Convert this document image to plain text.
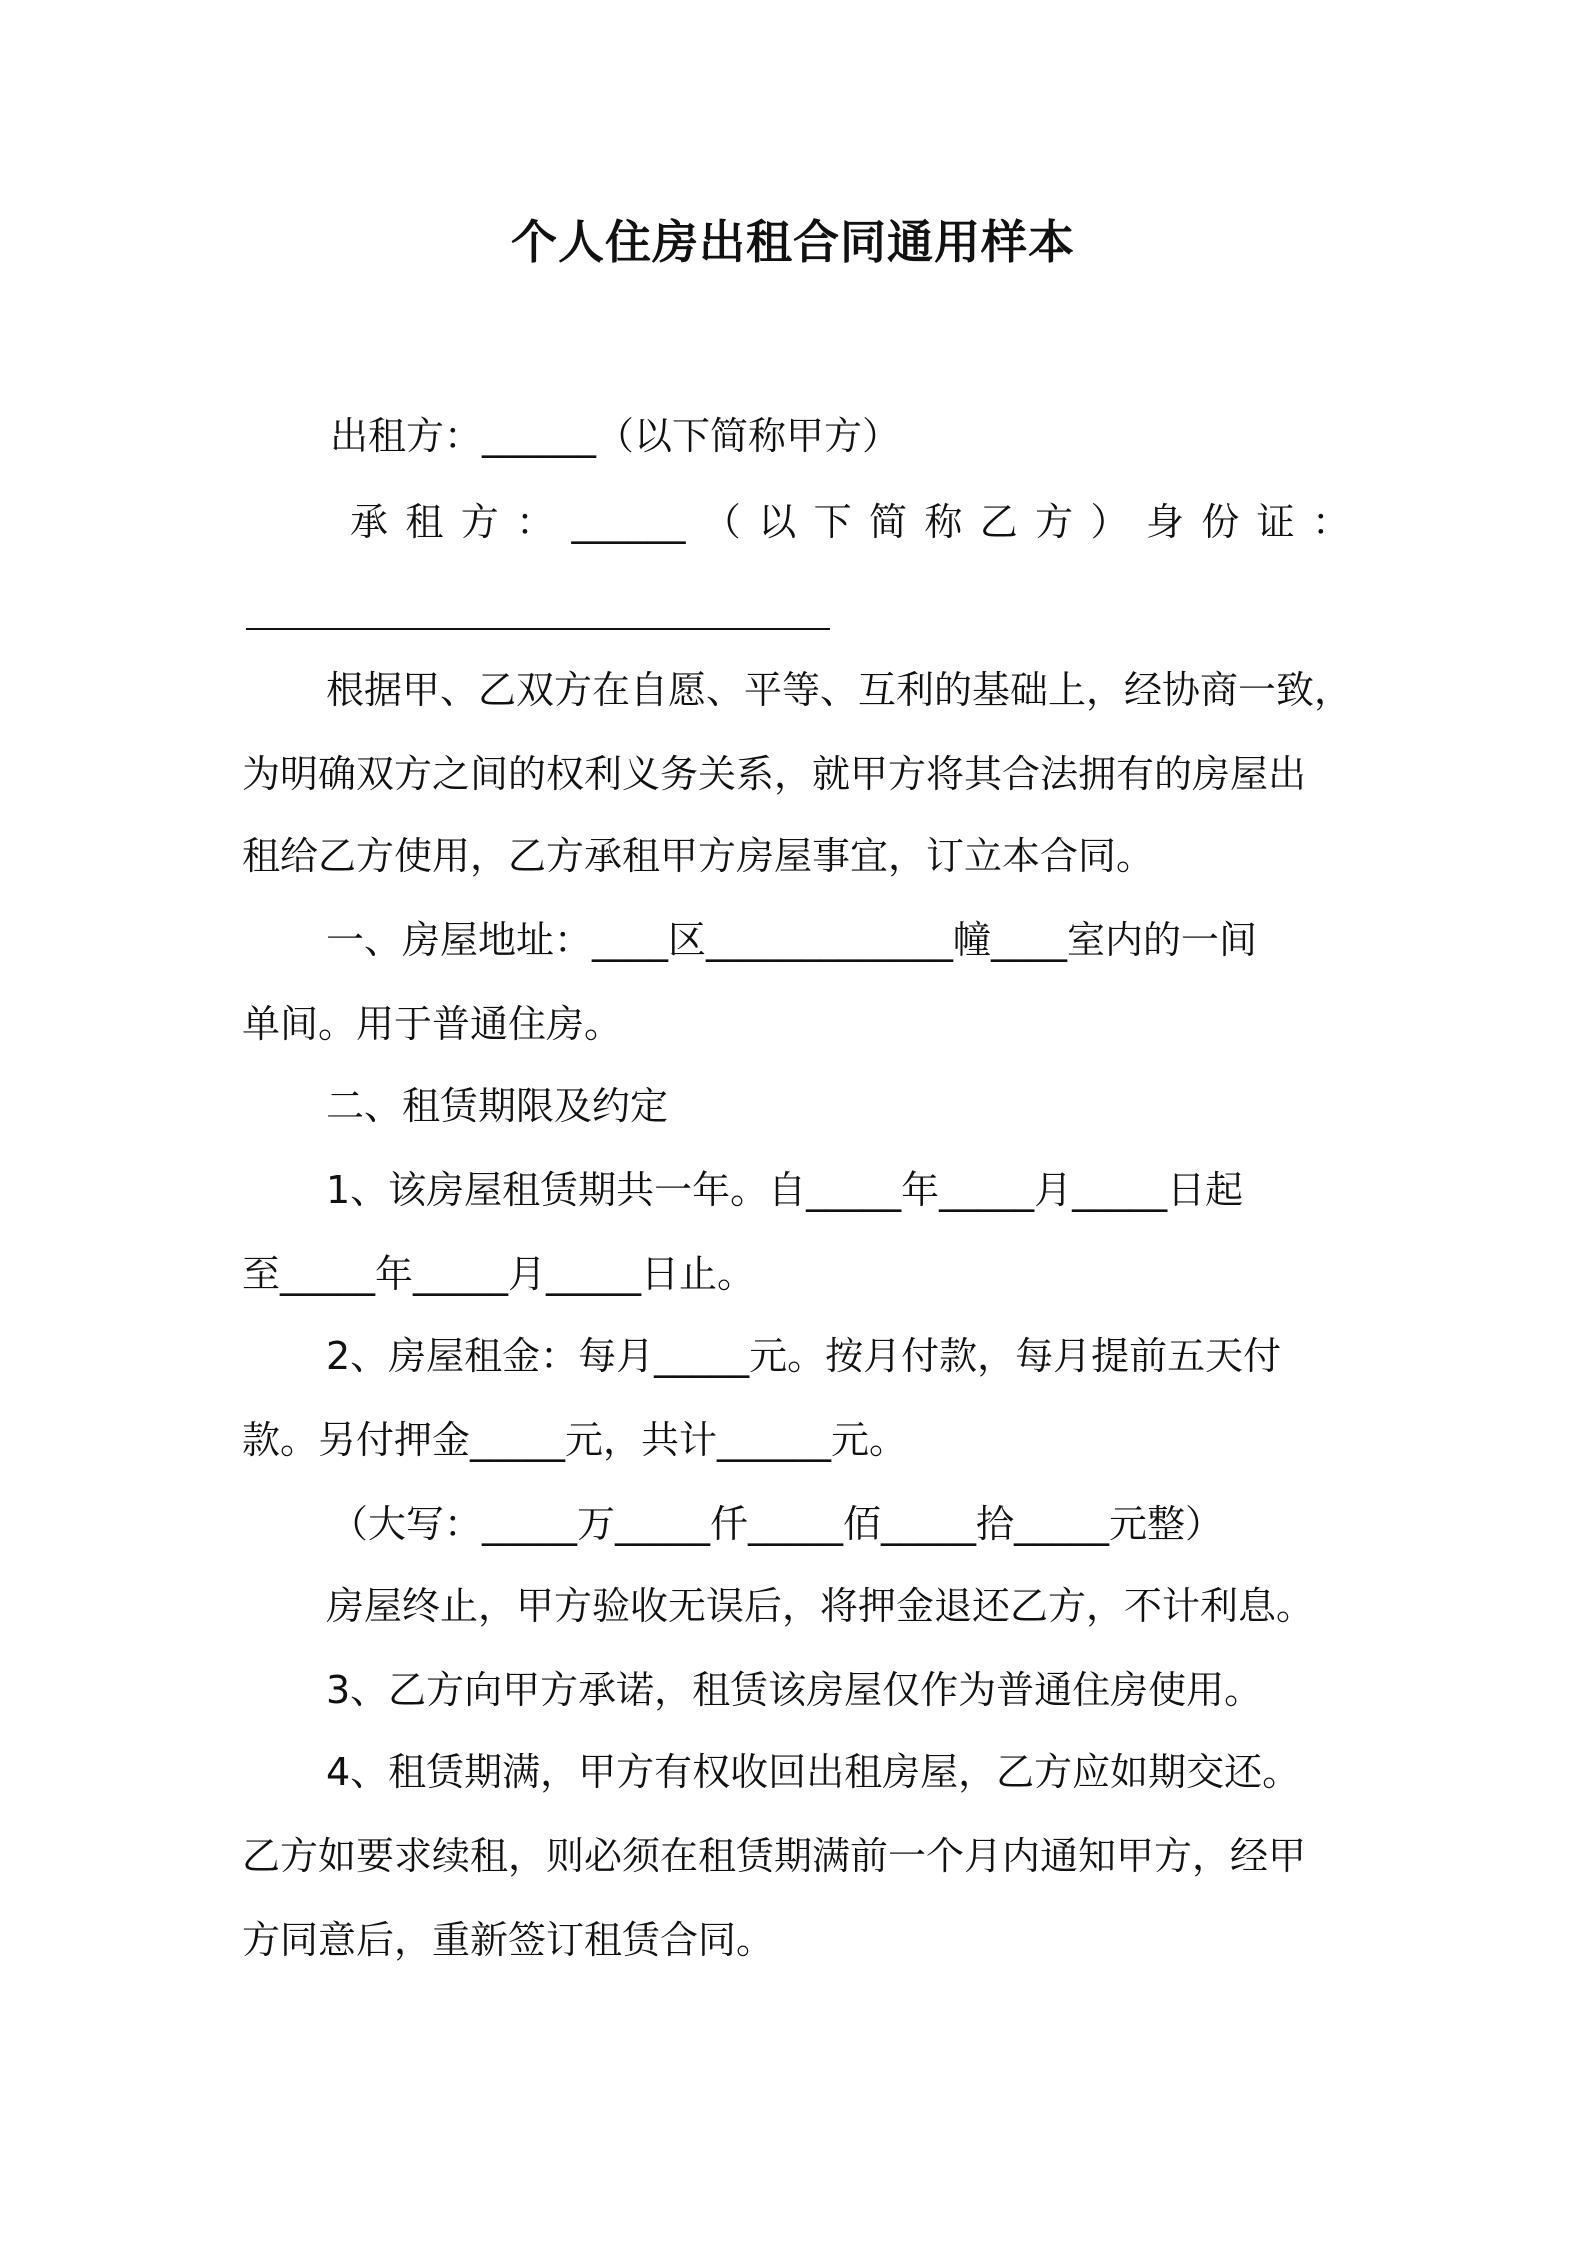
个人住房出租合同通用样本
出租方：______（以下简称甲方）
承 租 方 ： ______ （ 以 下 简 称 乙 方 ） 身 份 证 ：
根据甲、乙双方在自愿、平等、互利的基础上，经协商一致，
为明确双方之间的权利义务关系，就甲方将其合法拥有的房屋出
租给乙方使用，乙方承租甲方房屋事宜，订立本合同。
一、房屋地址：____区_____________幢____室内的一间
单间。用于普通住房。
二、租赁期限及约定
1、该房屋租赁期共一年。自_____年_____月_____日起
至_____年_____月_____日止。
2、房屋租金：每月_____元。按月付款，每月提前五天付
款。另付押金_____元，共计______元。
（大写：_____万_____仟_____佰_____拾_____元整）
房屋终止，甲方验收无误后，将押金退还乙方，不计利息。
3、乙方向甲方承诺，租赁该房屋仅作为普通住房使用。
4、租赁期满，甲方有权收回出租房屋，乙方应如期交还。
乙方如要求续租，则必须在租赁期满前一个月内通知甲方，经甲
方同意后，重新签订租赁合同。
